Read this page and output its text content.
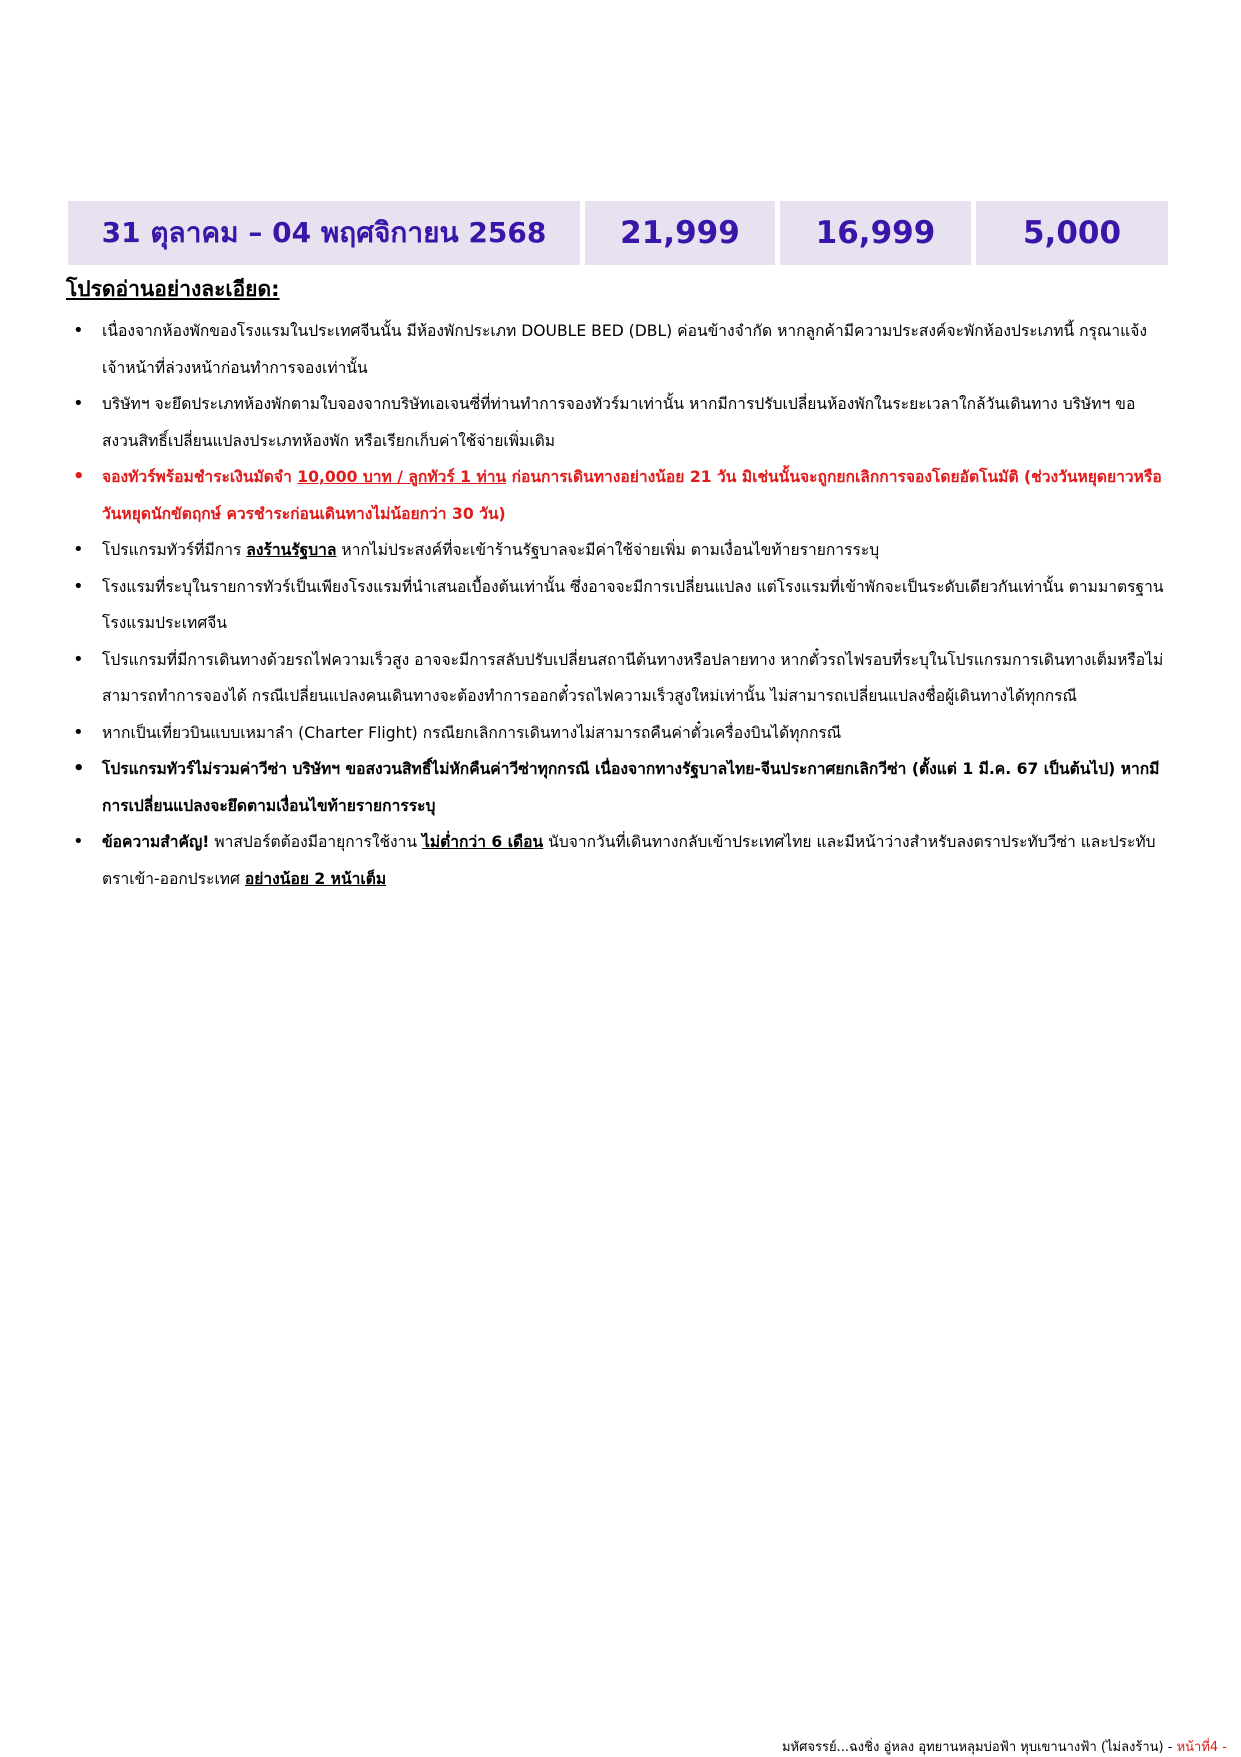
31 ตุลาคม – 04 พฤศจิกายน 2568	21,999	16,999	5,000
โปรดอ่านอย่างละเอียด:
• เนื่องจากห้องพักของโรงแรมในประเทศจีนนั้น มีห้องพักประเภท DOUBLE BED (DBL) ค่อนข้างจำกัด หากลูกค้ามีความประสงค์จะพักห้องประเภทนี้ กรุณาแจ้งเจ้าหน้าที่ล่วงหน้าก่อนทำการจองเท่านั้น
• บริษัทฯ จะยึดประเภทห้องพักตามใบจองจากบริษัทเอเจนซี่ที่ท่านทำการจองทัวร์มาเท่านั้น หากมีการปรับเปลี่ยนห้องพักในระยะเวลาใกล้วันเดินทาง บริษัทฯ ขอสงวนสิทธิ์เปลี่ยนแปลงประเภทห้องพัก หรือเรียกเก็บค่าใช้จ่ายเพิ่มเติม
• จองทัวร์พร้อมชำระเงินมัดจำ 10,000 บาท / ลูกทัวร์ 1 ท่าน ก่อนการเดินทางอย่างน้อย 21 วัน มิเช่นนั้นจะถูกยกเลิกการจองโดยอัตโนมัติ (ช่วงวันหยุดยาวหรือวันหยุดนักขัตฤกษ์ ควรชำระก่อนเดินทางไม่น้อยกว่า 30 วัน)
• โปรแกรมทัวร์ที่มีการ ลงร้านรัฐบาล หากไม่ประสงค์ที่จะเข้าร้านรัฐบาลจะมีค่าใช้จ่ายเพิ่ม ตามเงื่อนไขท้ายรายการระบุ
• โรงแรมที่ระบุในรายการทัวร์เป็นเพียงโรงแรมที่นำเสนอเบื้องต้นเท่านั้น ซึ่งอาจจะมีการเปลี่ยนแปลง แต่โรงแรมที่เข้าพักจะเป็นระดับเดียวกันเท่านั้น ตามมาตรฐานโรงแรมประเทศจีน
• โปรแกรมที่มีการเดินทางด้วยรถไฟความเร็วสูง อาจจะมีการสลับปรับเปลี่ยนสถานีต้นทางหรือปลายทาง หากตั๋วรถไฟรอบที่ระบุในโปรแกรมการเดินทางเต็มหรือไม่สามารถทำการจองได้ กรณีเปลี่ยนแปลงคนเดินทางจะต้องทำการออกตั๋วรถไฟความเร็วสูงใหม่เท่านั้น ไม่สามารถเปลี่ยนแปลงชื่อผู้เดินทางได้ทุกกรณี
• หากเป็นเที่ยวบินแบบเหมาลำ (Charter Flight) กรณียกเลิกการเดินทางไม่สามารถคืนค่าตั๋วเครื่องบินได้ทุกกรณี
• โปรแกรมทัวร์ไม่รวมค่าวีซ่า บริษัทฯ ขอสงวนสิทธิ์ไม่หักคืนค่าวีซ่าทุกกรณี เนื่องจากทางรัฐบาลไทย-จีนประกาศยกเลิกวีซ่า (ตั้งแต่ 1 มี.ค. 67 เป็นต้นไป) หากมีการเปลี่ยนแปลงจะยึดตามเงื่อนไขท้ายรายการระบุ
• ข้อความสำคัญ! พาสปอร์ตต้องมีอายุการใช้งาน ไม่ต่ำกว่า 6 เดือน นับจากวันที่เดินทางกลับเข้าประเทศไทย และมีหน้าว่างสำหรับลงตราประทับวีซ่า และประทับตราเข้า-ออกประเทศ อย่างน้อย 2 หน้าเต็ม
มหัศจรรย์...ฉงชิ่ง อู่หลง อุทยานหลุมบ่อฟ้า หุบเขานางฟ้า (ไม่ลงร้าน) - หน้าที่4 -
